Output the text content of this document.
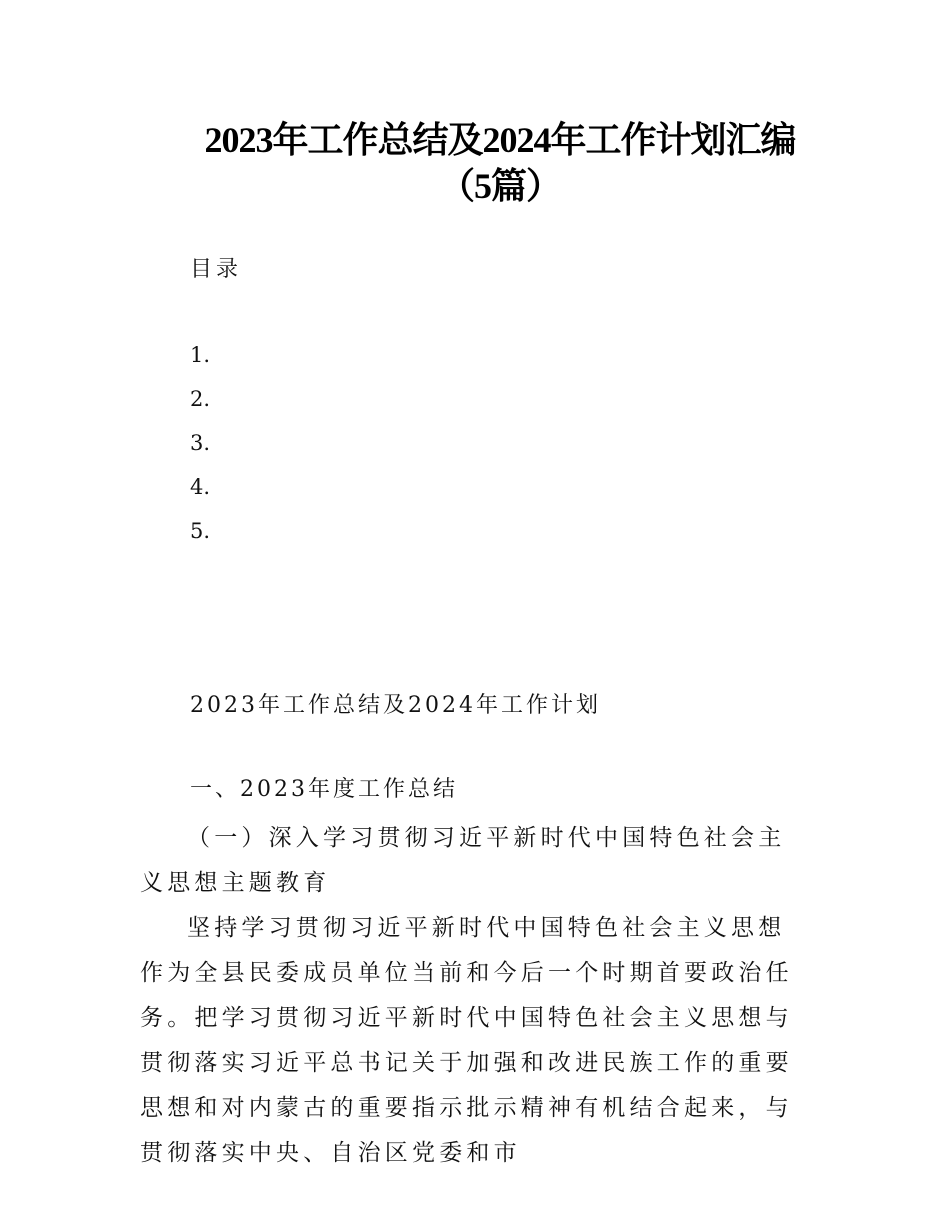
2023年工作总结及2024年工作计划汇编
（5篇）
目录
1.
2.
3.
4.
5.
2023年工作总结及2024年工作计划
一、2023年度工作总结

（一）深入学习贯彻习近平新时代中国特色社会主义思想主题教育

坚持学习贯彻习近平新时代中国特色社会主义思想作为全县民委成员单位当前和今后一个时期首要政治任务。把学习贯彻习近平新时代中国特色社会主义思想与贯彻落实习近平总书记关于加强和改进民族工作的重要思想和对内蒙古的重要指示批示精神有机结合起来，与贯彻落实中央、自治区党委和市
